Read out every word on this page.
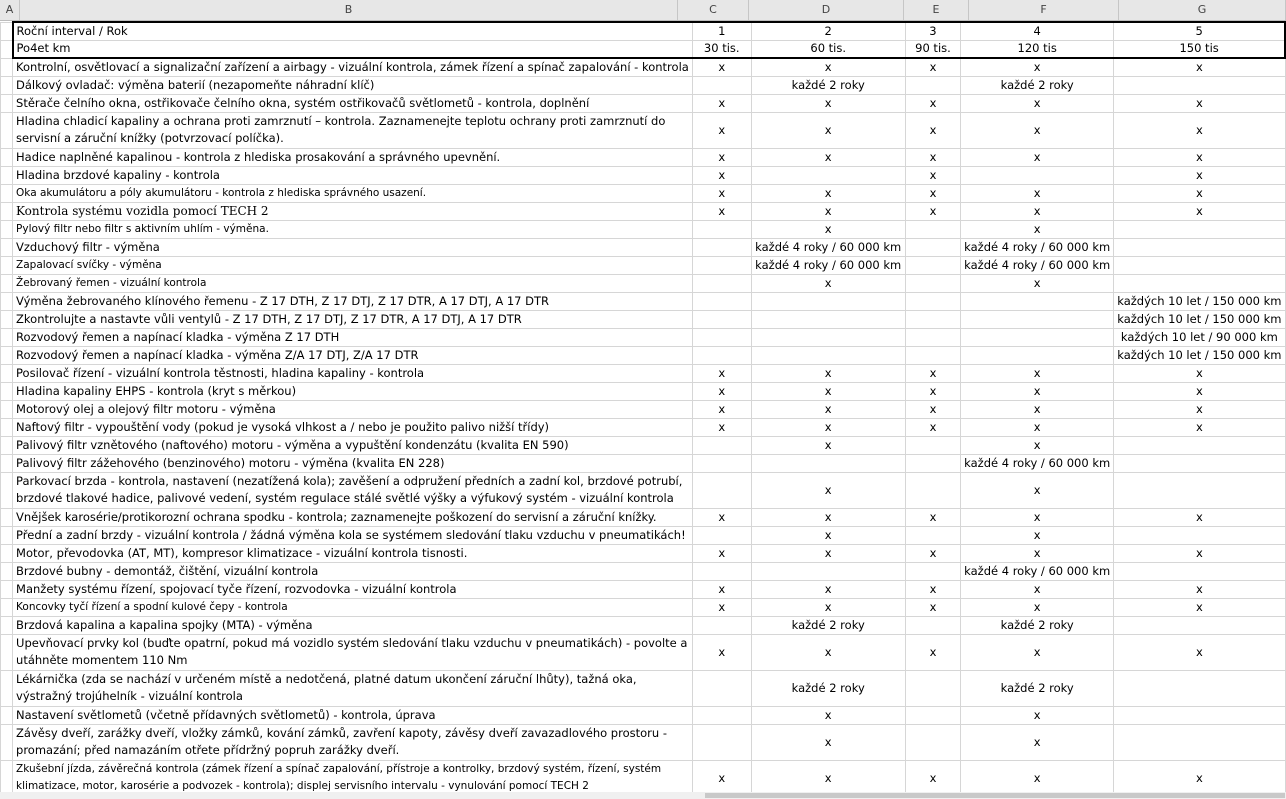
A	B	C	D	E	F	G
	Roční interval / Rok	1	2	3	4	5
	Po4et km	30 tis.	60 tis.	90 tis.	120 tis	150 tis
	Kontrolní, osvětlovací a signalizační zařízení a airbagy - vizuální kontrola, zámek řízení a spínač zapalování - kontrola	x	x	x	x	x
	Dálkový ovladač: výměna baterií (nezapomeňte náhradní klíč)		každé 2 roky		každé 2 roky	
	Stěrače čelního okna, ostřikovače čelního okna, systém ostřikovačů světlometů - kontrola, doplnění	x	x	x	x	x
	Hladina chladicí kapaliny a ochrana proti zamrznutí – kontrola. Zaznamenejte teplotu ochrany proti zamrznutí do servisní a záruční knížky (potvrzovací políčka).	x	x	x	x	x
	Hadice naplněné kapalinou - kontrola z hlediska prosakování a správného upevnění.	x	x	x	x	x
	Hladina brzdové kapaliny - kontrola	x		x		x
	Oka akumulátoru a póly akumulátoru - kontrola z hlediska správného usazení.	x	x	x	x	x
	Kontrola systému vozidla pomocí TECH 2	x	x	x	x	x
	Pylový filtr nebo filtr s aktivním uhlím - výměna.		x		x	
	Vzduchový filtr - výměna		každé 4 roky / 60 000 km		každé 4 roky / 60 000 km	
	Zapalovací svíčky - výměna		každé 4 roky / 60 000 km		každé 4 roky / 60 000 km	
	Žebrovaný řemen - vizuální kontrola		x		x	
	Výměna žebrovaného klínového řemenu - Z 17 DTH, Z 17 DTJ, Z 17 DTR, A 17 DTJ, A 17 DTR					každých 10 let / 150 000 km
	Zkontrolujte a nastavte vůli ventylů - Z 17 DTH, Z 17 DTJ, Z 17 DTR, A 17 DTJ, A 17 DTR					každých 10 let / 150 000 km
	Rozvodový řemen a napínací kladka - výměna Z 17 DTH					každých 10 let / 90 000 km
	Rozvodový řemen a napínací kladka - výměna Z/A 17 DTJ, Z/A 17 DTR					každých 10 let / 150 000 km
	Posilovač řízení - vizuální kontrola těstnosti, hladina kapaliny - kontrola	x	x	x	x	x
	Hladina kapaliny EHPS - kontrola (kryt s měrkou)	x	x	x	x	x
	Motorový olej a olejový filtr motoru - výměna	x	x	x	x	x
	Naftový filtr - vypouštění vody (pokud je vysoká vlhkost a / nebo je použito palivo nižší třídy)	x	x	x	x	x
	Palivový filtr vznětového (naftového) motoru - výměna a vypuštění kondenzátu (kvalita EN 590)		x		x	
	Palivový filtr zážehového (benzinového) motoru - výměna (kvalita EN 228)				každé 4 roky / 60 000 km	
	Parkovací brzda - kontrola, nastavení (nezatížená kola); zavěšení a odpružení předních a zadní kol, brzdové potrubí, brzdové tlakové hadice, palivové vedení, systém regulace stálé světlé výšky a výfukový systém - vizuální kontrola		x		x	
	Vnějšek karosérie/protikorozní ochrana spodku - kontrola; zaznamenejte poškození do servisní a záruční knížky.	x	x	x	x	x
	Přední a zadní brzdy - vizuální kontrola / žádná výměna kola se systémem sledování tlaku vzduchu v pneumatikách!		x		x	
	Motor, převodovka (AT, MT), kompresor klimatizace - vizuální kontrola tisnosti.	x	x	x	x	x
	Brzdové bubny - demontáž, čištění, vizuální kontrola				každé 4 roky / 60 000 km	
	Manžety systému řízení, spojovací tyče řízení, rozvodovka - vizuální kontrola	x	x	x	x	x
	Koncovky tyčí řízení a spodní kulové čepy - kontrola	x	x	x	x	x
	Brzdová kapalina a kapalina spojky (MTA) - výměna		každé 2 roky		každé 2 roky	
	Upevňovací prvky kol (buďte opatrní, pokud má vozidlo systém sledování tlaku vzduchu v pneumatikách) - povolte a utáhněte momentem 110 Nm	x	x	x	x	x
	Lékárnička (zda se nachází v určeném místě a nedotčená, platné datum ukončení záruční lhůty), tažná oka, výstražný trojúhelník - vizuální kontrola		každé 2 roky		každé 2 roky	
	Nastavení světlometů (včetně přídavných světlometů) - kontrola, úprava		x		x	
	Závěsy dveří, zarážky dveří, vložky zámků, kování zámků, zavření kapoty, závěsy dveří zavazadlového prostoru - promazání; před namazáním otřete přídržný popruh zarážky dveří.		x		x	
	Zkušební jízda, závěrečná kontrola (zámek řízení a spínač zapalování, přístroje a kontrolky, brzdový systém, řízení, systém klimatizace, motor, karosérie a podvozek - kontrola); displej servisního intervalu - vynulování pomocí TECH 2	x	x	x	x	x
